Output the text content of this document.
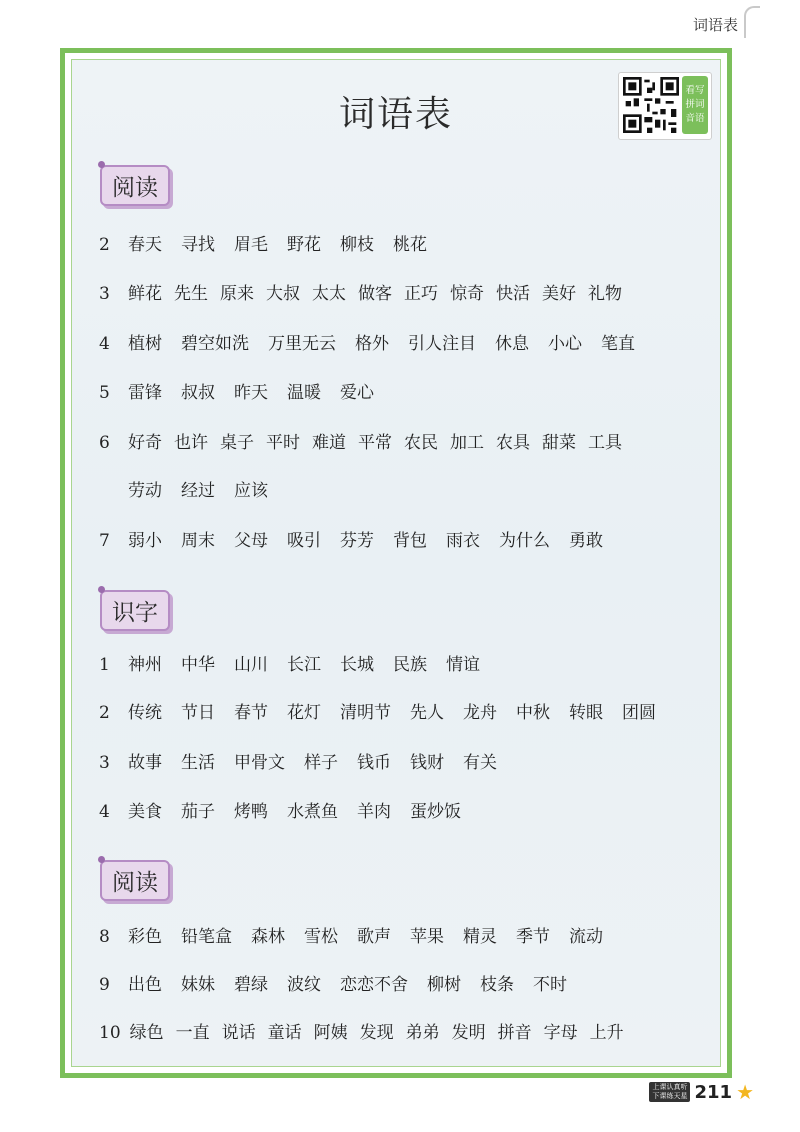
词语表
词语表
看写
拼词
音语
阅读
2 春天 寻找 眉毛 野花 柳枝 桃花
3 鲜花 先生 原来 大叔 太太 做客 正巧 惊奇 快活 美好 礼物
4 植树 碧空如洗 万里无云 格外 引人注目 休息 小心 笔直
5 雷锋 叔叔 昨天 温暖 爱心
6 好奇 也许 桌子 平时 难道 平常 农民 加工 农具 甜菜 工具
劳动 经过 应该
7 弱小 周末 父母 吸引 芬芳 背包 雨衣 为什么 勇敢
识字
1 神州 中华 山川 长江 长城 民族 情谊
2 传统 节日 春节 花灯 清明节 先人 龙舟 中秋 转眼 团圆
3 故事 生活 甲骨文 样子 钱币 钱财 有关
4 美食 茄子 烤鸭 水煮鱼 羊肉 蛋炒饭
阅读
8 彩色 铅笔盒 森林 雪松 歌声 苹果 精灵 季节 流动
9 出色 妹妹 碧绿 波纹 恋恋不舍 柳树 枝条 不时
10 绿色 一直 说话 童话 阿姨 发现 弟弟 发明 拼音 字母 上升
上课认真听
下课练天星 211 ★
